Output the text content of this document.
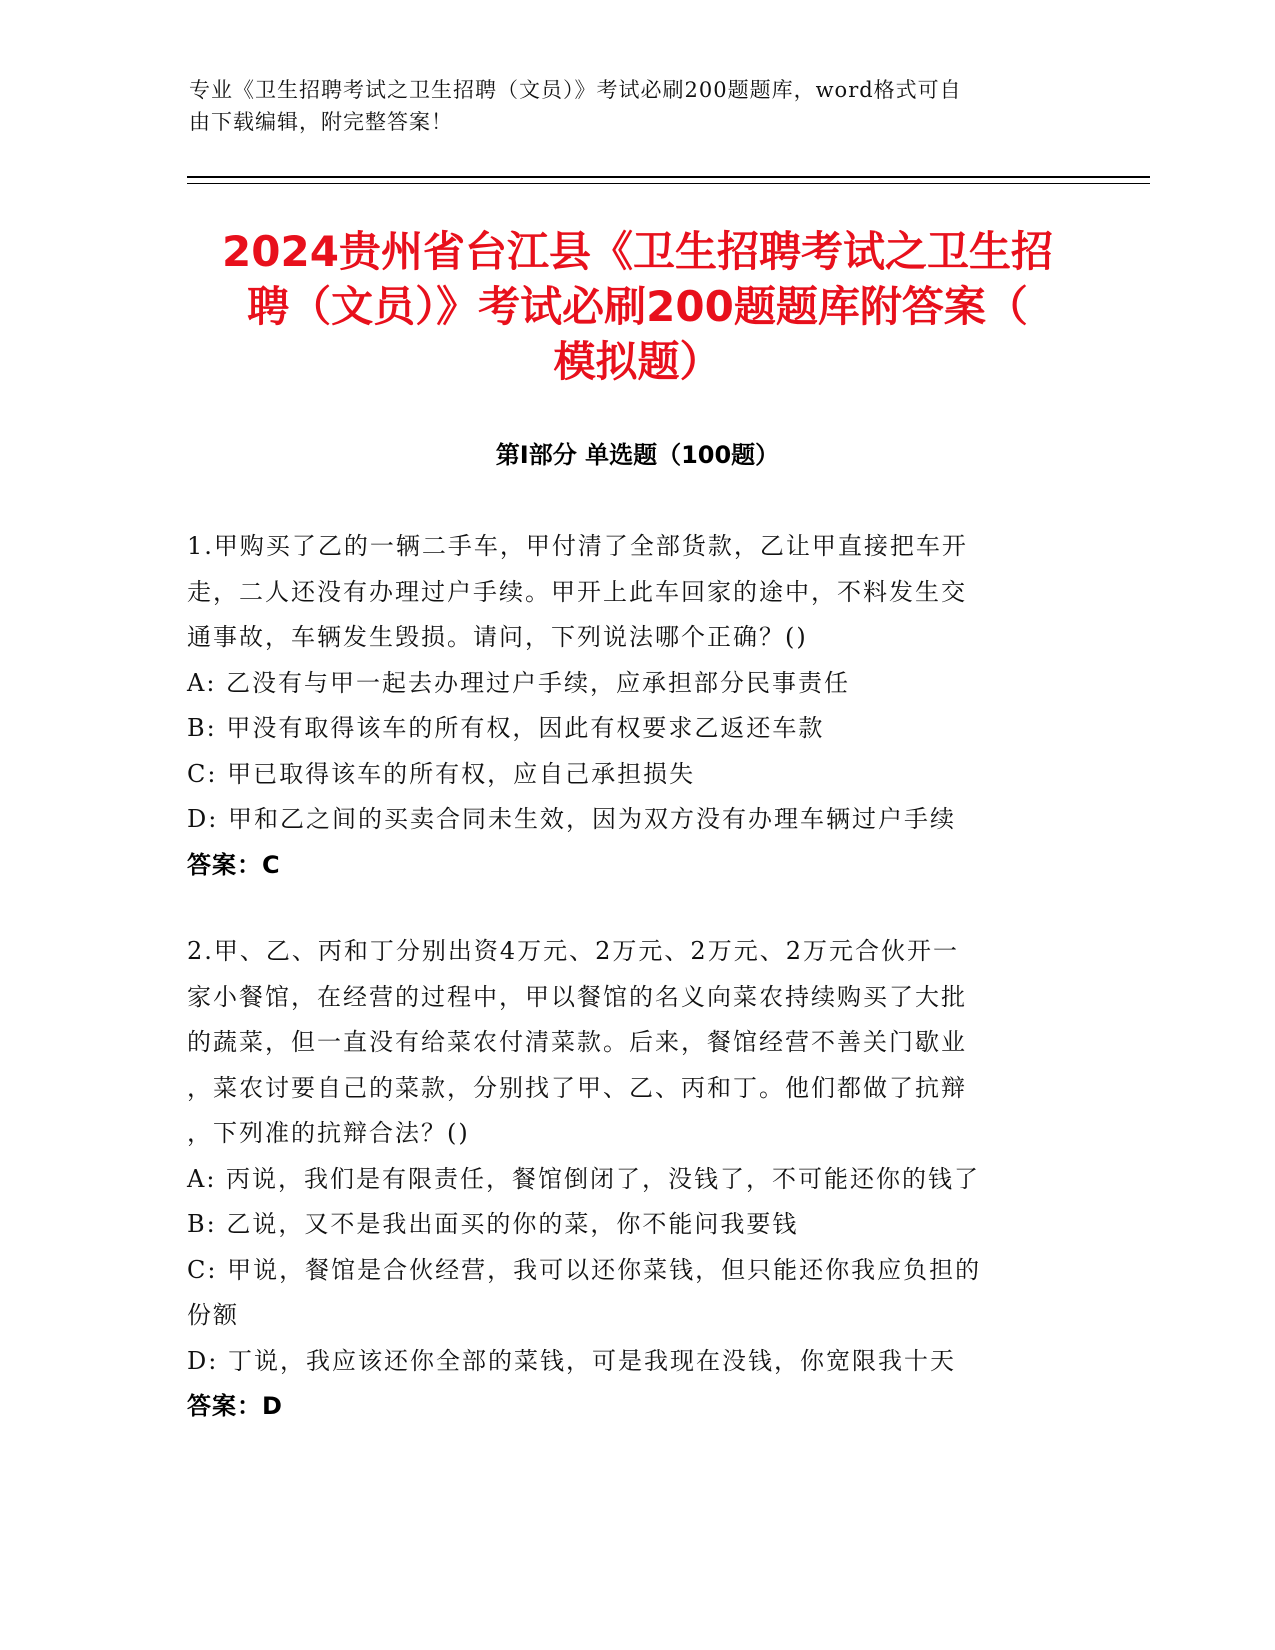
专业《卫生招聘考试之卫生招聘（文员）》考试必刷200题题库，word格式可自
由下载编辑，附完整答案！
2024贵州省台江县《卫生招聘考试之卫生招
聘（文员）》考试必刷200题题库附答案（
模拟题）
第Ⅰ部分 单选题（100题）
1.甲购买了乙的一辆二手车，甲付清了全部货款，乙让甲直接把车开
走，二人还没有办理过户手续。甲开上此车回家的途中，不料发生交
通事故，车辆发生毁损。请问，下列说法哪个正确？()
A: 乙没有与甲一起去办理过户手续，应承担部分民事责任
B: 甲没有取得该车的所有权，因此有权要求乙返还车款
C: 甲已取得该车的所有权，应自己承担损失
D: 甲和乙之间的买卖合同未生效，因为双方没有办理车辆过户手续
答案：C
2.甲、乙、丙和丁分别出资4万元、2万元、2万元、2万元合伙开一
家小餐馆，在经营的过程中，甲以餐馆的名义向菜农持续购买了大批
的蔬菜，但一直没有给菜农付清菜款。后来，餐馆经营不善关门歇业
，菜农讨要自己的菜款，分别找了甲、乙、丙和丁。他们都做了抗辩
，下列准的抗辩合法？()
A: 丙说，我们是有限责任，餐馆倒闭了，没钱了，不可能还你的钱了
B: 乙说，又不是我出面买的你的菜，你不能问我要钱
C: 甲说，餐馆是合伙经营，我可以还你菜钱，但只能还你我应负担的
份额
D: 丁说，我应该还你全部的菜钱，可是我现在没钱，你宽限我十天
答案：D
